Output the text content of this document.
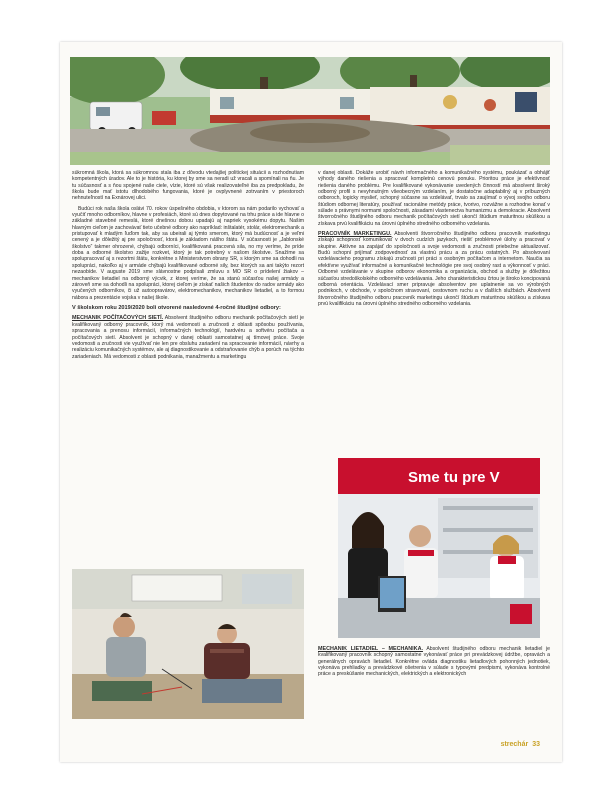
súkromná škola, ktorá sa súkromnou stala iba z dôvodu vtedajšej politickej situácii a rozhodnutiam kompetentných úradov. Ale to je história, ku ktorej by sme sa neradi už vracali a spomínali na ňu. Je tu súčasnosť a s ňou spojené naše ciele, vízie, ktoré sú však realizovateľné iba za predpokladu, že škola bude mať istotu dlhodobého fungovania, ktoré je ovplyvnené zotrvaním v priestoroch nehnuteľností na Exnárovej ulici.

Budúci rok naša škola oslávi 70. rokov úspešného obdobia, v ktorom sa nám podarilo vychovať a vyučiť mnoho odborníkov, hlavne v profesiách, ktoré sú dnes dopytované na trhu práce a ide hlavne o základné stavebné remeslá, ktoré dnešnou dobou upadajú aj napriek vysokému dopytu. Našim hlavným cieľom je zachovávať tieto učebné odbory ako napríklad: inštalatér, stolár, elektromechanik a pristupovať k mladým ľuďom tak, aby sa ubeirali aj týmto smerom, ktorý má budúcnosť a je veľmi cenený a je dôležitý aj pre spoločnosť, ktorá je základom nášho štátu. V súčasnosti je „Jablonské školstvo“ takmer ohrozené, chýbajú odborníci, kvalifikovaná pracovná sila, no my veríme, že príde doba a odborné školstvo zažije rozkvet, ktorý je tak potrebný v našom školstve. Snažíme sa spolupracovať aj s rezortmi štátu, konkrétne s Ministerstvom obrany SR, s ktorým sme sa dohodli na spolupráci, nakoľko aj v armáde chýbajú kvalifikované odborné sily, bez ktorých sa ani takýto rezort nezaobíde. V auguste 2019 sme slávnostne podpísali zmluvu s MO SR o prídelení žiakov – mechanikov lietadiel na odborný výcvik, z ktorej veríme, že sa stanú súčasťou našej armády a zároveň sme sa dohodli na spolupráci, ktorej cieľom je získať našich študentov do radov armády ako vyučených odborníkov, či už autoopravárov, elektromechanikov, mechanikov lietadiel, a to formou nábora a prezentácie vojska v našej škole.

V školskom roku 2019/2020 boli otvorené nasledovné 4-ročné študijné odbory:

MECHANIK POČÍTAČOVÝCH SIETÍ. Absolvent študijného odboru mechanik počítačových sietí je kvalifikovaný odborný pracovník, ktorý má vedomosti a zručnosti z oblasti spôsobu používania, spracovania a prenosu informácií, informačných technológií, hardvéru a softvéru počítača a počítačových sietí. Absolvent je schopný v danej oblasti samostatnej aj tímovej práce. Svoje vedomosti a zručnosti vie využívať nie len pre obsluhu zariadení na spracovanie informácií, návrhy a realizáciu komunikačných systémov, ale aj diagnostikovanie a odstraňovanie chýb a porúch na týchto zariadeniach. Má vedomosti z oblasti podnikania, manažmentu a marketingu

v danej oblasti. Dokáže urobiť návrh informačného a komunikačného systému, poukázať a obhájiť výhody daného riešenia a spracovať kompletnú cenovú ponuku. Prioritou práce je efektívnosť riešenia daného problému. Pre kvalifikované vykonávanie uvedených činností má absolvent široký odborný profil s nevyhnutným všeobecným vzdelaním, je dostatočne adaptabilný aj v príbuzných odboroch, logicky myslieť, schopný súčasne sa vzdelávať, trvalo sa zaujímať o vývoj svojho odboru štúdiom odbornej literatúry, používať racionálne metódy práce, tvorivo, rozvážne a rozhodne konať v súlade s právnymi normami spoločnosti, zásadami vlastenectva humanizmu a demokracie. Absolvent štvorročného študijného odboru mechanik počítačových sietí ukončí štúdium maturitnou skúškou a získava prvú kvalifikáciu na úrovni úplného stredného odborného vzdelania.

PRACOVNÍK MARKETINGU. Absolventi štvorročného študijného odboru pracovník marketingu získajú schopnosť komunikovať v dvoch cudzích jazykoch, riešiť problémové úlohy a pracovať v skupine. Aktívne sa zapájať do spoločnosti a svoje vedomosti a zručnosti priebežne aktualizovať. Budú schopní prijímať zodpovednosť za vlastnú prácu a za prácu ostatných. Po absolvovaní vzdelávacieho programu získajú zručnosti pri práci s osobným počítačom a internetom. Naučia sa efektívne využívať informačné a komunikačné technológie pre svoj osobný rast a výkonnosť v práci. Odborné vzdelávanie v skupine odborov ekonomika a organizácia, obchod a služby je dôležitou súčasťou stredoškolského odborného vzdelávania. Jeho charakteristickou črtou je široko koncipovaná odborná orientácia. Vzdelávací smer pripravuje absolventov pre uplatnenie sa vo výrobných podnikoch, v obchode, v spoločnom stravovaní, cestovnom ruchu a v ďalších službách. Absolvent štvorročného študijného odboru pracovník marketingu ukončí štúdium maturitnou skúškou a získava prvú kvalifikáciu na úrovni úplného stredného odborného vzdelania.

Sme tu pre V

MECHANIK LIETADIEL – MECHANIKA. Absolvent študijného odboru mechanik lietadiel je kvalifikovaný pracovník schopný samostatne vykonávať práce pri prevádzkovej údržbe, opravách a generálnych opravách lietadiel. Konkrétne ovláda diagnostiku lietadlových pohonných jednotiek, vykonáva prehliadky a prevádzkové ošetrenia v súlade s typovými predpismi, vykonáva kontrolné práce a preskúšanie mechanických, elektrických a elektronických

strechár 33
